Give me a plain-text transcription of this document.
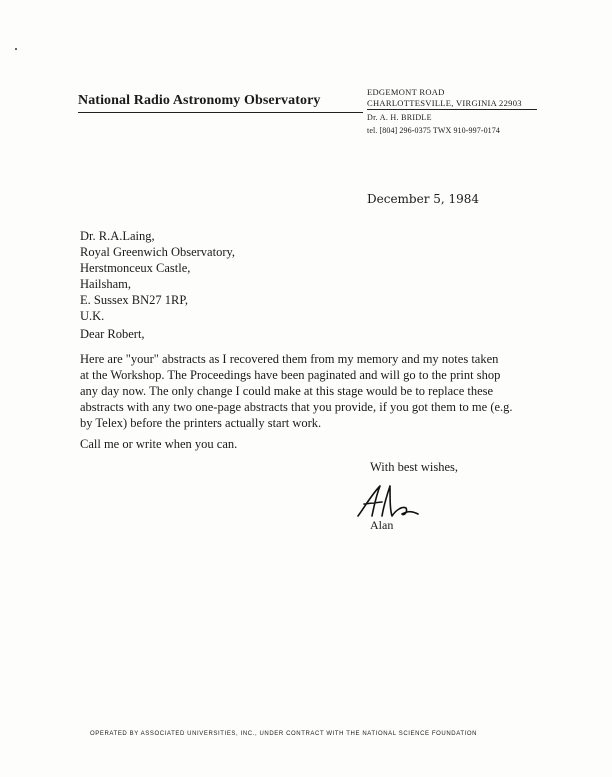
National Radio Astronomy Observatory
EDGEMONT ROAD
CHARLOTTESVILLE, VIRGINIA 22903
Dr. A. H. BRIDLE
tel. [804] 296-0375 TWX 910-997-0174
December 5, 1984
Dr. R.A.Laing,
Royal Greenwich Observatory,
Herstmonceux Castle,
Hailsham,
E. Sussex BN27 1RP,
U.K.
Dear Robert,
Here are "your" abstracts as I recovered them from my memory and my notes taken
at the Workshop. The Proceedings have been paginated and will go to the print shop
any day now. The only change I could make at this stage would be to replace these
abstracts with any two one-page abstracts that you provide, if you got them to me (e.g.
by Telex) before the printers actually start work.
Call me or write when you can.
With best wishes,
Alan
OPERATED BY ASSOCIATED UNIVERSITIES, INC., UNDER CONTRACT WITH THE NATIONAL SCIENCE FOUNDATION
